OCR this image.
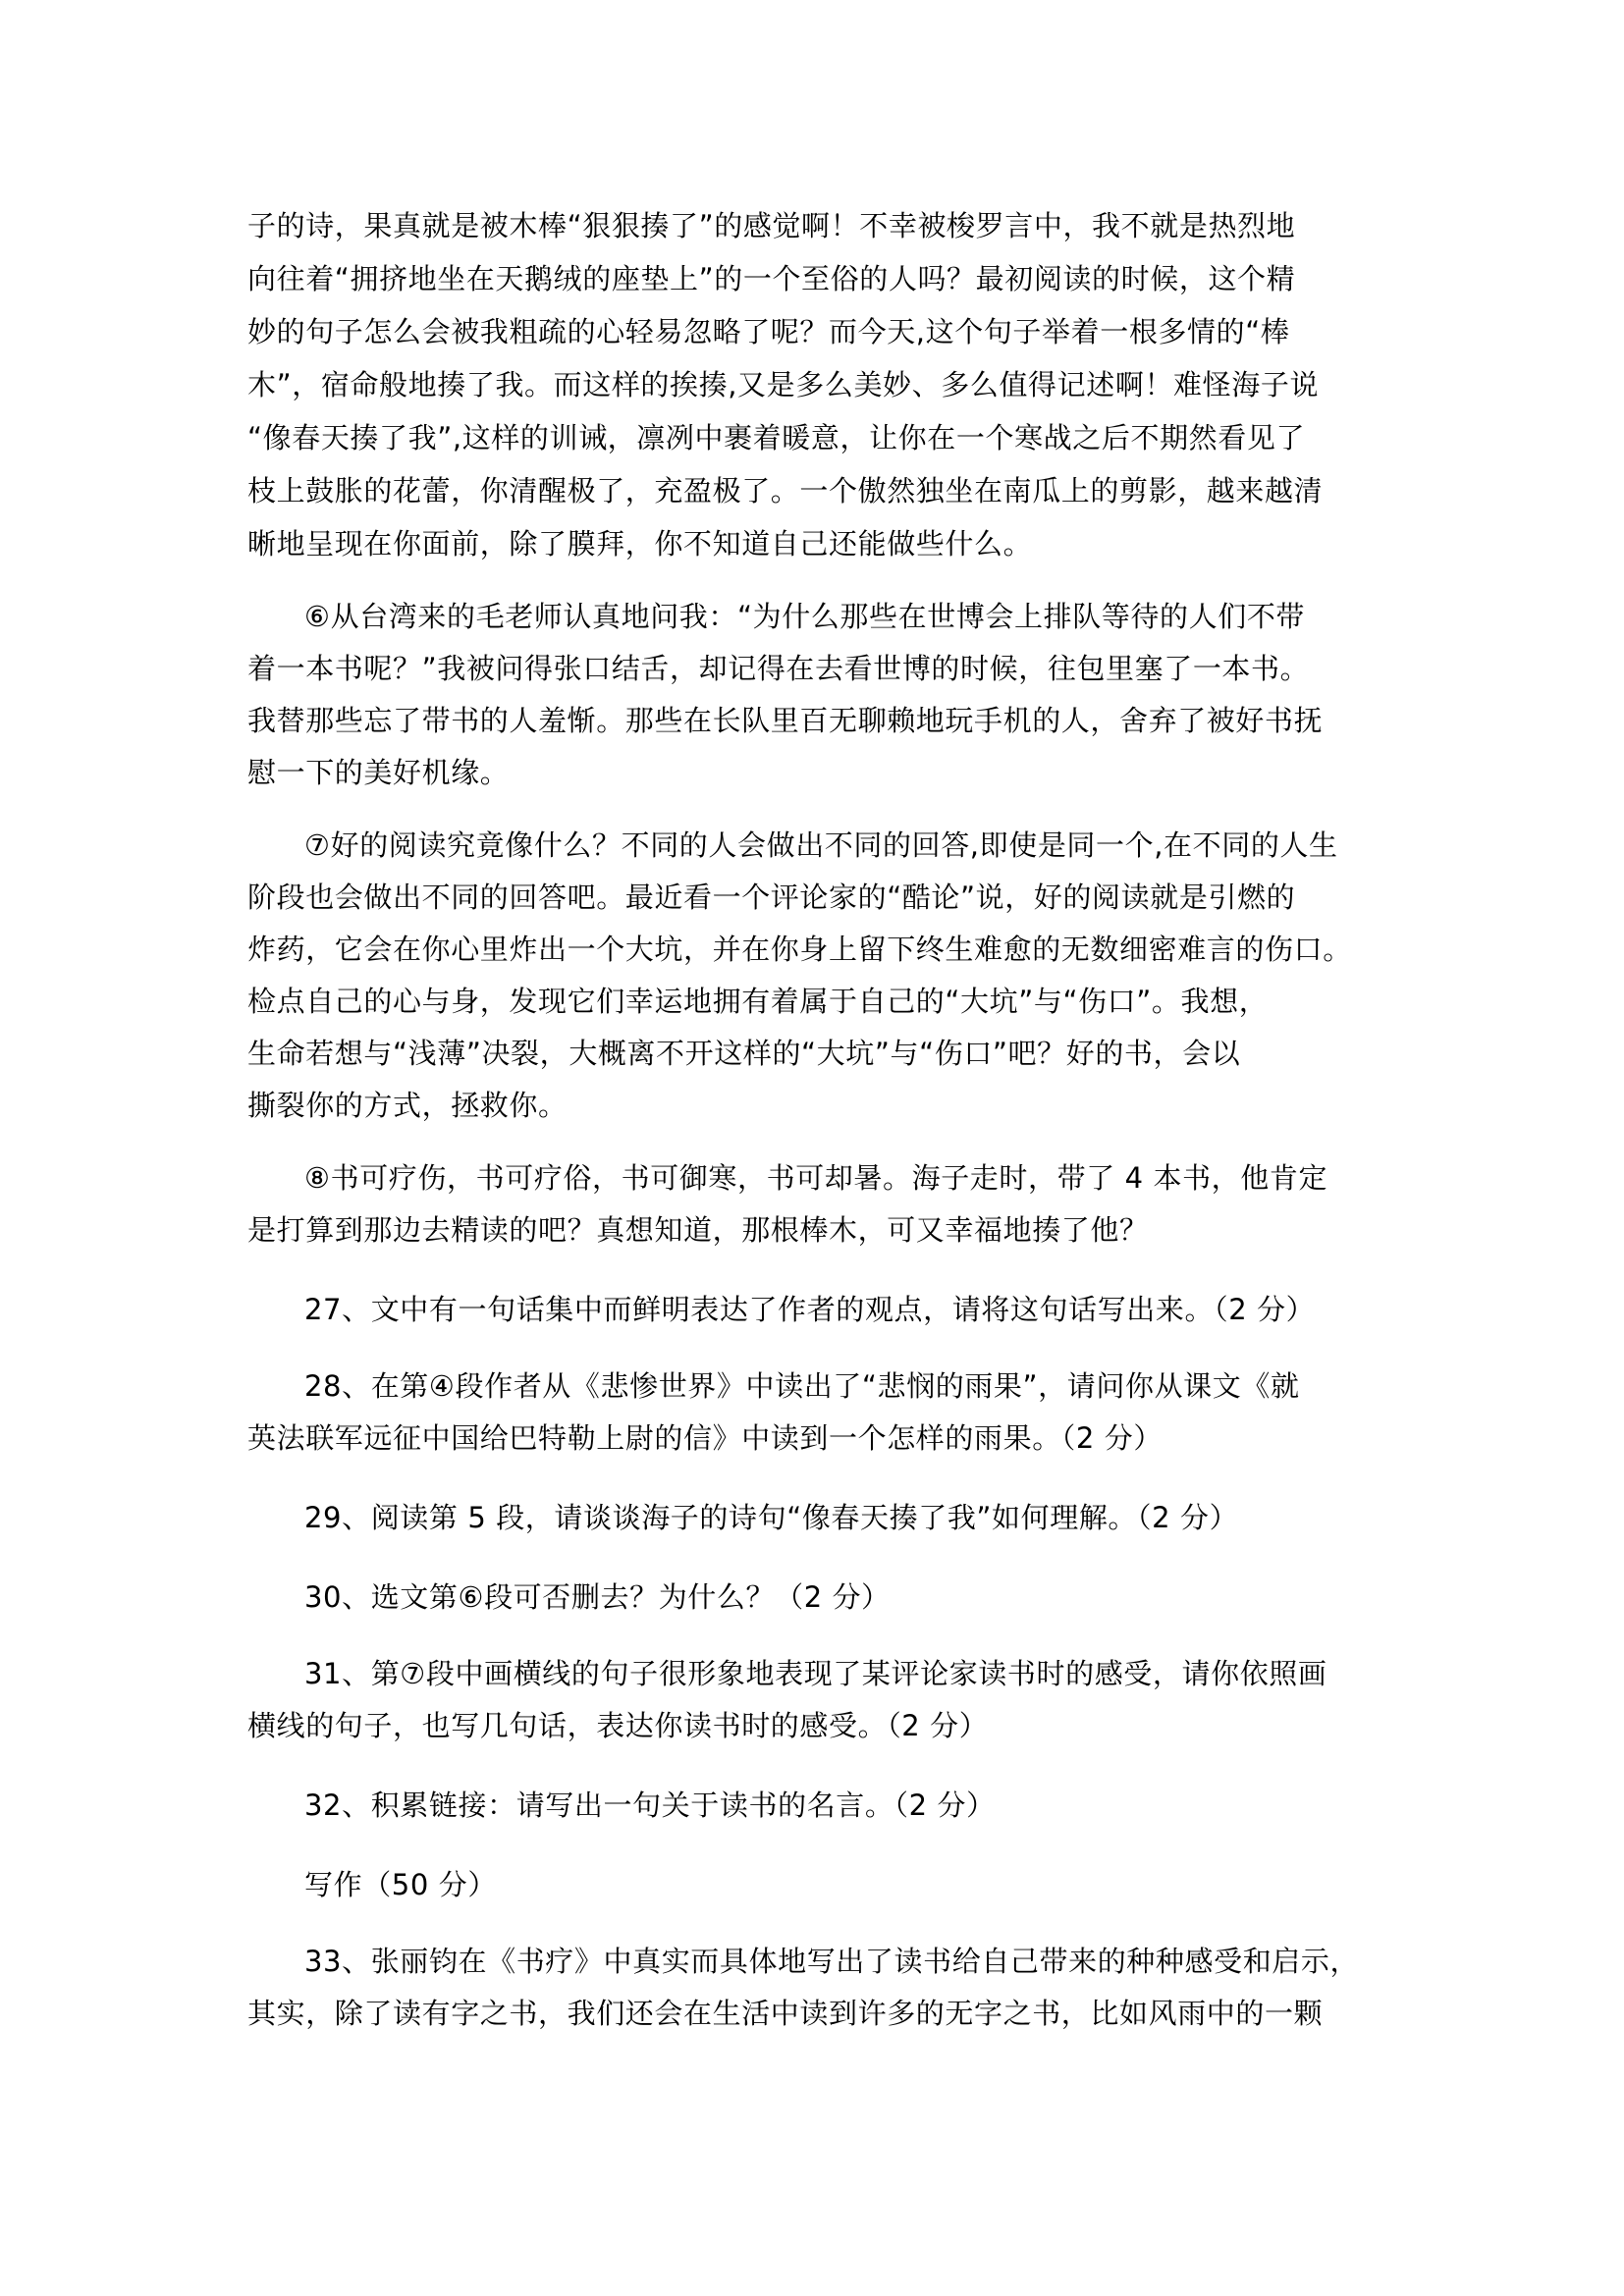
子的诗，果真就是被木棒“狠狠揍了”的感觉啊！不幸被梭罗言中，我不就是热烈地
向往着“拥挤地坐在天鹅绒的座垫上”的一个至俗的人吗？最初阅读的时候，这个精
妙的句子怎么会被我粗疏的心轻易忽略了呢？而今天,这个句子举着一根多情的“棒
木”，宿命般地揍了我。而这样的挨揍,又是多么美妙、多么值得记述啊！难怪海子说
“像春天揍了我”,这样的训诫，凛冽中裹着暖意，让你在一个寒战之后不期然看见了
枝上鼓胀的花蕾，你清醒极了，充盈极了。一个傲然独坐在南瓜上的剪影，越来越清
晰地呈现在你面前，除了膜拜，你不知道自己还能做些什么。
⑥从台湾来的毛老师认真地问我：“为什么那些在世博会上排队等待的人们不带
着一本书呢？”我被问得张口结舌，却记得在去看世博的时候，往包里塞了一本书。
我替那些忘了带书的人羞惭。那些在长队里百无聊赖地玩手机的人，舍弃了被好书抚
慰一下的美好机缘。
⑦好的阅读究竟像什么？不同的人会做出不同的回答,即使是同一个,在不同的人生
阶段也会做出不同的回答吧。最近看一个评论家的“酷论”说，好的阅读就是引燃的
炸药，它会在你心里炸出一个大坑，并在你身上留下终生难愈的无数细密难言的伤口。
检点自己的心与身，发现它们幸运地拥有着属于自己的“大坑”与“伤口”。我想，
生命若想与“浅薄”决裂，大概离不开这样的“大坑”与“伤口”吧？好的书，会以
撕裂你的方式，拯救你。
⑧书可疗伤，书可疗俗，书可御寒，书可却暑。海子走时，带了 4 本书，他肯定
是打算到那边去精读的吧？真想知道，那根棒木，可又幸福地揍了他？
27、文中有一句话集中而鲜明表达了作者的观点，请将这句话写出来。（2 分）
28、在第④段作者从《悲惨世界》中读出了“悲悯的雨果”，请问你从课文《就
英法联军远征中国给巴特勒上尉的信》中读到一个怎样的雨果。（2 分）
29、阅读第 5 段，请谈谈海子的诗句“像春天揍了我”如何理解。（2 分）
30、选文第⑥段可否删去？为什么？（2 分）
31、第⑦段中画横线的句子很形象地表现了某评论家读书时的感受，请你依照画
横线的句子，也写几句话，表达你读书时的感受。（2 分）
32、积累链接：请写出一句关于读书的名言。（2 分）
写作（50 分）
33、张丽钧在《书疗》中真实而具体地写出了读书给自己带来的种种感受和启示，
其实，除了读有字之书，我们还会在生活中读到许多的无字之书，比如风雨中的一颗
